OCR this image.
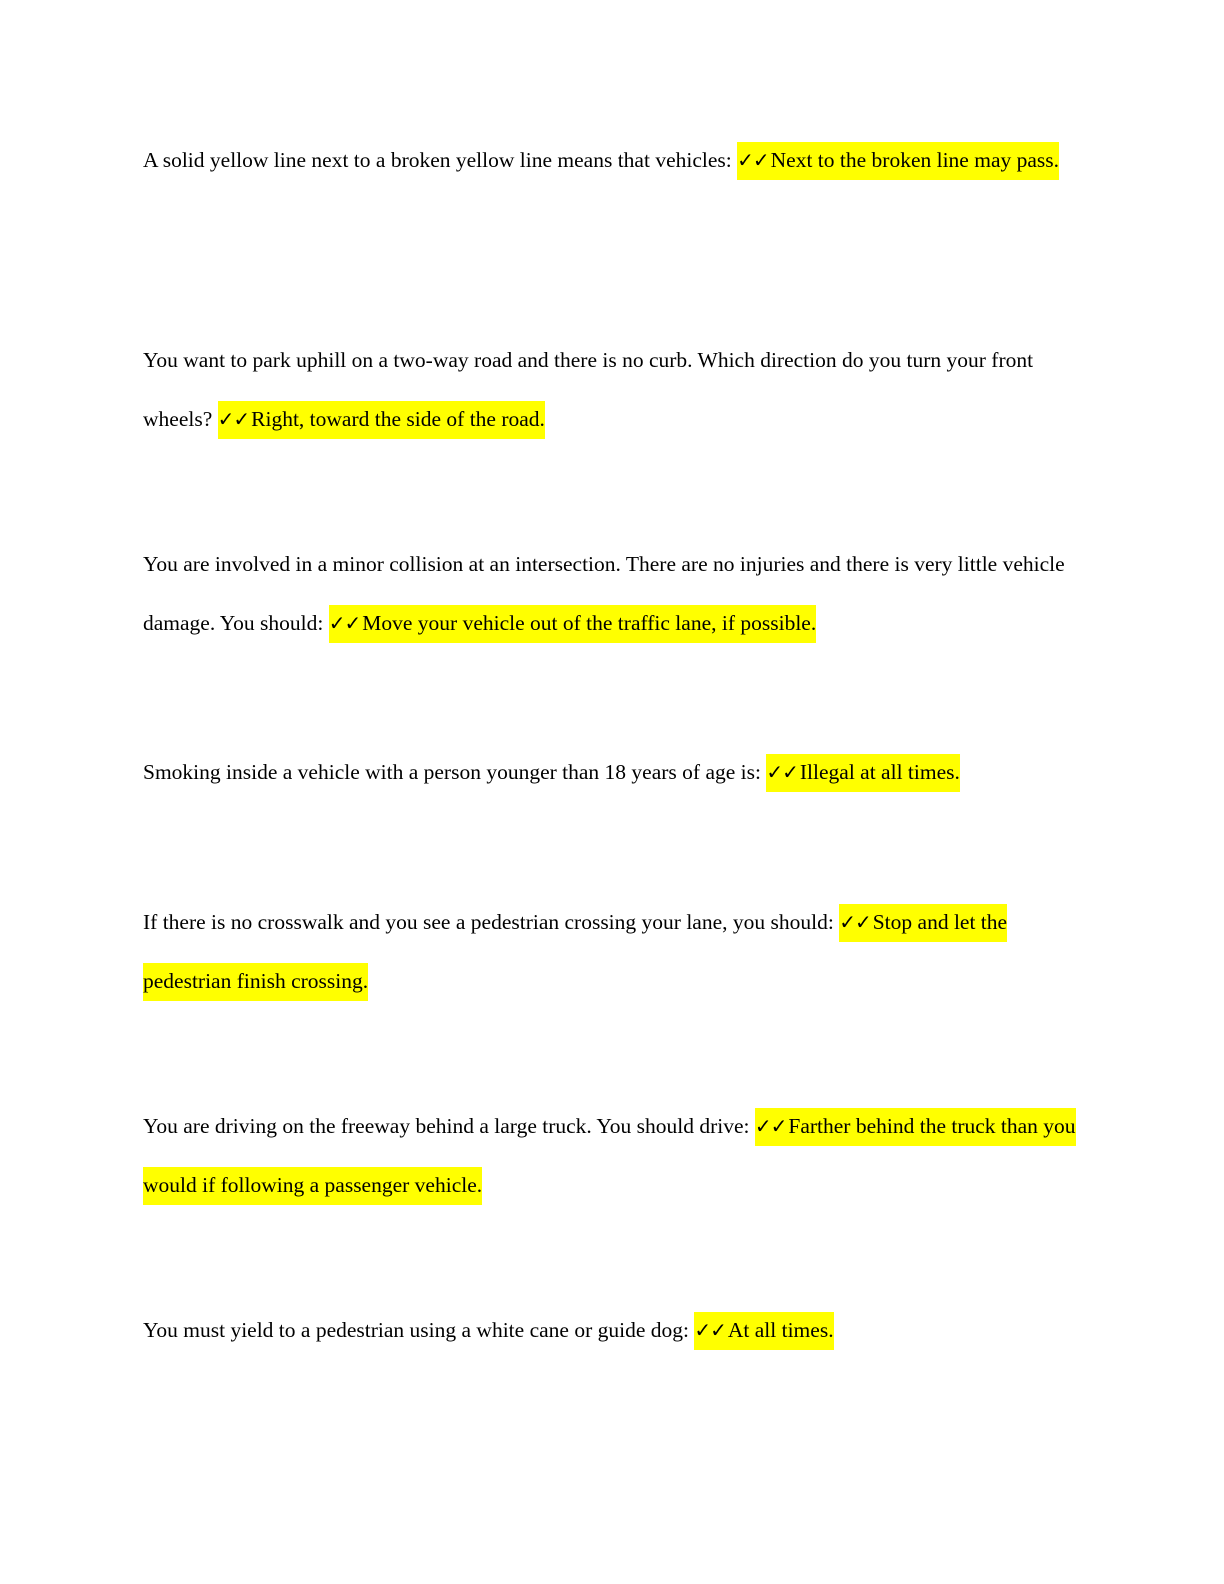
A solid yellow line next to a broken yellow line means that vehicles: ✓✓Next to the broken line may pass.

You want to park uphill on a two-way road and there is no curb. Which direction do you turn your front wheels? ✓✓Right, toward the side of the road.

You are involved in a minor collision at an intersection. There are no injuries and there is very little vehicle damage. You should: ✓✓Move your vehicle out of the traffic lane, if possible.

Smoking inside a vehicle with a person younger than 18 years of age is: ✓✓Illegal at all times.

If there is no crosswalk and you see a pedestrian crossing your lane, you should: ✓✓Stop and let the pedestrian finish crossing.

You are driving on the freeway behind a large truck. You should drive: ✓✓Farther behind the truck than you would if following a passenger vehicle.

You must yield to a pedestrian using a white cane or guide dog: ✓✓At all times.
